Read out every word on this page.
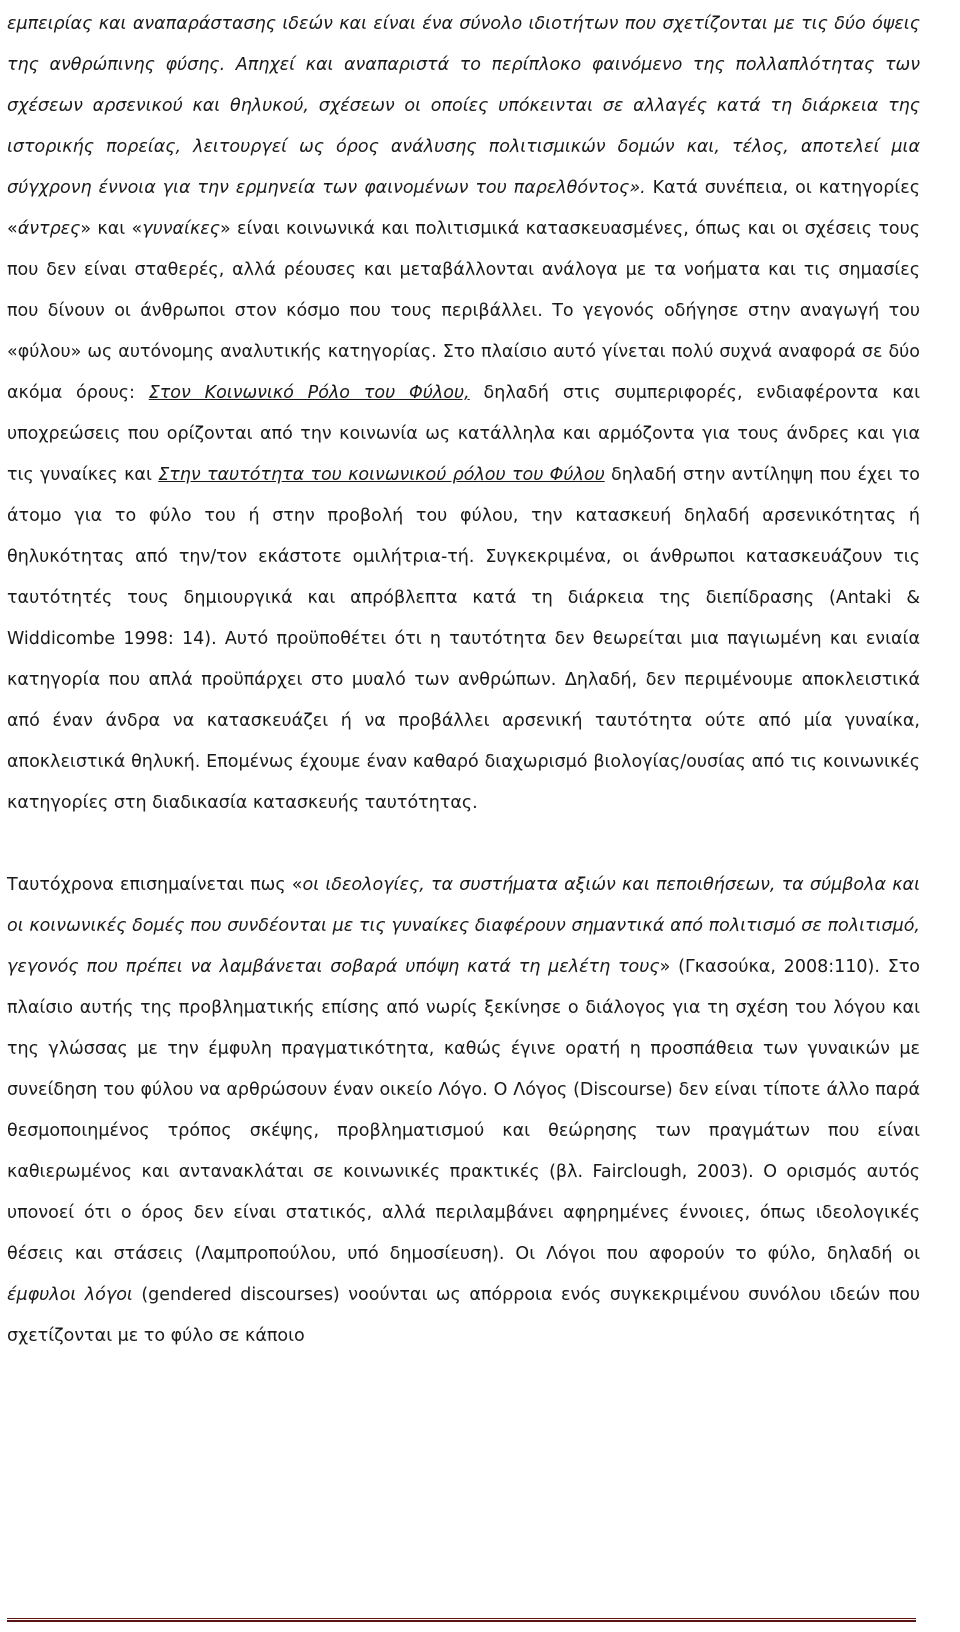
εμπειρίας και αναπαράστασης ιδεών και είναι ένα σύνολο ιδιοτήτων που σχετίζονται με τις δύο όψεις της ανθρώπινης φύσης. Απηχεί και αναπαριστά το περίπλοκο φαινόμενο της πολλαπλότητας των σχέσεων αρσενικού και θηλυκού, σχέσεων οι οποίες υπόκεινται σε αλλαγές κατά τη διάρκεια της ιστορικής πορείας, λειτουργεί ως όρος ανάλυσης πολιτισμικών δομών και, τέλος, αποτελεί μια σύγχρονη έννοια για την ερμηνεία των φαινομένων του παρελθόντος». Κατά συνέπεια, οι κατηγορίες «άντρες» και «γυναίκες» είναι κοινωνικά και πολιτισμικά κατασκευασμένες, όπως και οι σχέσεις τους που δεν είναι σταθερές, αλλά ρέουσες και μεταβάλλονται ανάλογα με τα νοήματα και τις σημασίες που δίνουν οι άνθρωποι στον κόσμο που τους περιβάλλει. Το γεγονός οδήγησε στην αναγωγή του «φύλου» ως αυτόνομης αναλυτικής κατηγορίας. Στο πλαίσιο αυτό γίνεται πολύ συχνά αναφορά σε δύο ακόμα όρους: Στον Κοινωνικό Ρόλο του Φύλου, δηλαδή στις συμπεριφορές, ενδιαφέροντα και υποχρεώσεις που ορίζονται από την κοινωνία ως κατάλληλα και αρμόζοντα για τους άνδρες και για τις γυναίκες και Στην ταυτότητα του κοινωνικού ρόλου του Φύλου δηλαδή στην αντίληψη που έχει το άτομο για το φύλο του ή στην προβολή του φύλου, την κατασκευή δηλαδή αρσενικότητας ή θηλυκότητας από την/τον εκάστοτε ομιλήτρια-τή. Συγκεκριμένα, οι άνθρωποι κατασκευάζουν τις ταυτότητές τους δημιουργικά και απρόβλεπτα κατά τη διάρκεια της διεπίδρασης (Antaki & Widdicombe 1998: 14). Αυτό προϋποθέτει ότι η ταυτότητα δεν θεωρείται μια παγιωμένη και ενιαία κατηγορία που απλά προϋπάρχει στο μυαλό των ανθρώπων. Δηλαδή, δεν περιμένουμε αποκλειστικά από έναν άνδρα να κατασκευάζει ή να προβάλλει αρσενική ταυτότητα ούτε από μία γυναίκα, αποκλειστικά θηλυκή. Επομένως έχουμε έναν καθαρό διαχωρισμό βιολογίας/ουσίας από τις κοινωνικές κατηγορίες στη διαδικασία κατασκευής ταυτότητας.

Ταυτόχρονα επισημαίνεται πως «οι ιδεολογίες, τα συστήματα αξιών και πεποιθήσεων, τα σύμβολα και οι κοινωνικές δομές που συνδέονται με τις γυναίκες διαφέρουν σημαντικά από πολιτισμό σε πολιτισμό, γεγονός που πρέπει να λαμβάνεται σοβαρά υπόψη κατά τη μελέτη τους» (Γκασούκα, 2008:110). Στο πλαίσιο αυτής της προβληματικής επίσης από νωρίς ξεκίνησε ο διάλογος για τη σχέση του λόγου και της γλώσσας με την έμφυλη πραγματικότητα, καθώς έγινε ορατή η προσπάθεια των γυναικών με συνείδηση του φύλου να αρθρώσουν έναν οικείο Λόγο. Ο Λόγος (Discourse) δεν είναι τίποτε άλλο παρά θεσμοποιημένος τρόπος σκέψης, προβληματισμού και θεώρησης των πραγμάτων που είναι καθιερωμένος και αντανακλάται σε κοινωνικές πρακτικές (βλ. Fairclough, 2003). Ο ορισμός αυτός υπονοεί ότι ο όρος δεν είναι στατικός, αλλά περιλαμβάνει αφηρημένες έννοιες, όπως ιδεολογικές θέσεις και στάσεις (Λαμπροπούλου, υπό δημοσίευση). Οι Λόγοι που αφορούν το φύλο, δηλαδή οι έμφυλοι λόγοι (gendered discourses) νοούνται ως απόρροια ενός συγκεκριμένου συνόλου ιδεών που σχετίζονται με το φύλο σε κάποιο
